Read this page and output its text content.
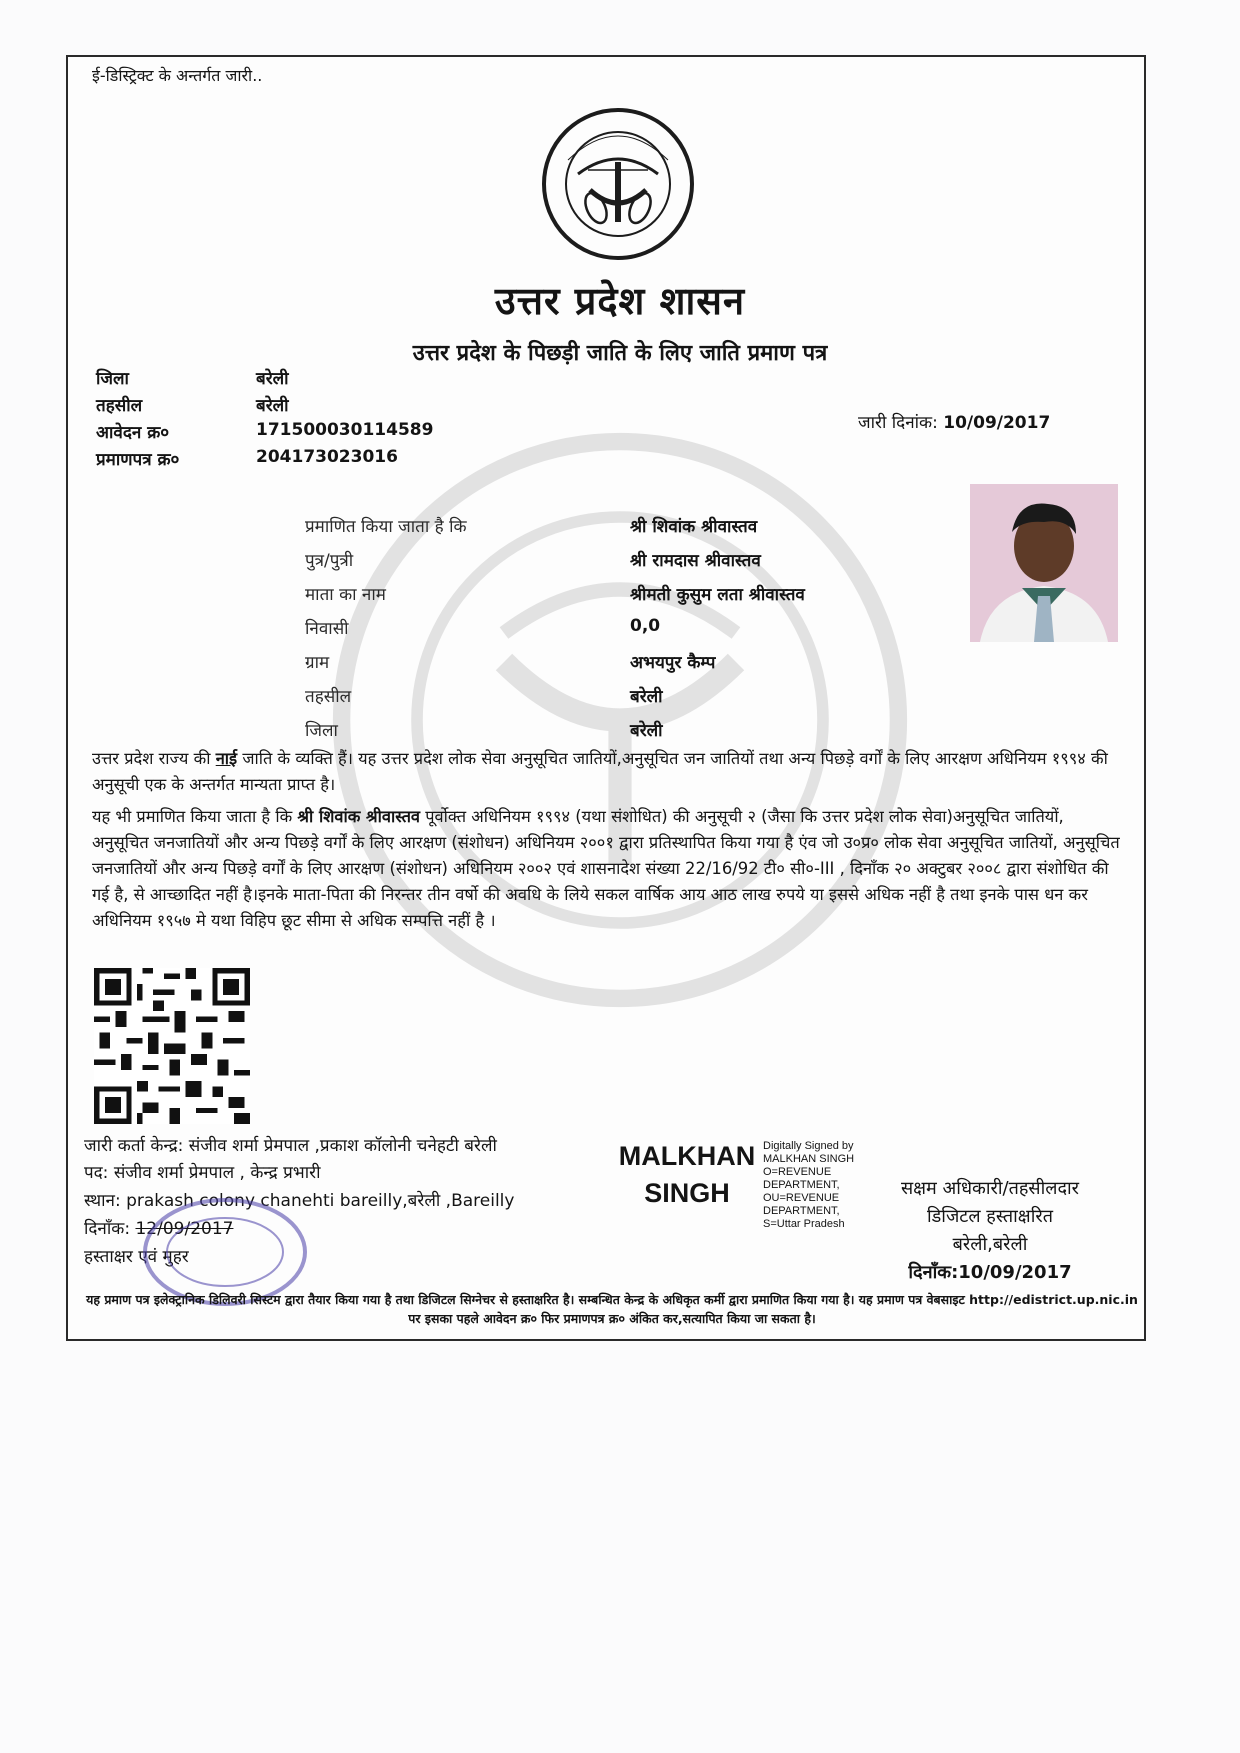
ई-डिस्ट्रिक्ट के अन्तर्गत जारी..
उत्तर प्रदेश शासन
उत्तर प्रदेश के पिछड़ी जाति के लिए जाति प्रमाण पत्र
जिला	बरेली
तहसील	बरेली
आवेदन क्र०	171500030114589
प्रमाणपत्र क्र०	204173023016
जारी दिनांक: 10/09/2017
प्रमाणित किया जाता है कि	श्री शिवांक श्रीवास्तव
पुत्र/पुत्री	श्री रामदास श्रीवास्तव
माता का नाम	श्रीमती कुसुम लता श्रीवास्तव
निवासी	0,0
ग्राम	अभयपुर कैम्प
तहसील	बरेली
जिला	बरेली
उत्तर प्रदेश राज्य की नाई जाति के व्यक्ति हैं। यह उत्तर प्रदेश लोक सेवा अनुसूचित जातियों,अनुसूचित जन जातियों तथा अन्य पिछड़े वर्गों के लिए आरक्षण अधिनियम १९९४ की अनुसूची एक के अन्तर्गत मान्यता प्राप्त है।
यह भी प्रमाणित किया जाता है कि श्री शिवांक श्रीवास्तव पूर्वोक्त अधिनियम १९९४ (यथा संशोधित) की अनुसूची २ (जैसा कि उत्तर प्रदेश लोक सेवा)अनुसूचित जातियों, अनुसूचित जनजातियों और अन्य पिछड़े वर्गों के लिए आरक्षण (संशोधन) अधिनियम २००१ द्वारा प्रतिस्थापित किया गया है एंव जो उ०प्र० लोक सेवा अनुसूचित जातियों, अनुसूचित जनजातियों और अन्य पिछड़े वर्गों के लिए आरक्षण (संशोधन) अधिनियम २००२ एवं शासनादेश संख्या 22/16/92 टी० सी०-III , दिनाँक २० अक्टुबर २००८ द्वारा संशोधित की गई है, से आच्छादित नहीं है।इनके माता-पिता की निरन्तर तीन वर्षो की अवधि के लिये सकल वार्षिक आय आठ लाख रुपये या इससे अधिक नहीं है तथा इनके पास धन कर अधिनियम १९५७ मे यथा विहिप छूट सीमा से अधिक सम्पत्ति नहीं है ।
जारी कर्ता केन्द्र: संजीव शर्मा प्रेमपाल ,प्रकाश कॉलोनी चनेहटी बरेली
पद: संजीव शर्मा प्रेमपाल , केन्द्र प्रभारी
स्थान: prakash colony chanehti bareilly,बरेली ,Bareilly
दिनाँक: 12/09/2017
हस्ताक्षर एवं मुहर
MALKHAN
SINGH
Digitally Signed by MALKHAN SINGH O=REVENUE DEPARTMENT, OU=REVENUE DEPARTMENT, S=Uttar Pradesh
सक्षम अधिकारी/तहसीलदार
डिजिटल हस्ताक्षरित
बरेली,बरेली
दिनाँक:10/09/2017
यह प्रमाण पत्र इलेक्ट्रानिक डिलिवरी सिस्टम द्वारा तैयार किया गया है तथा डिजिटल सिग्नेचर से हस्ताक्षरित है। सम्बन्धित केन्द्र के अधिकृत कर्मी द्वारा प्रमाणित किया गया है। यह प्रमाण पत्र वेबसाइट http://edistrict.up.nic.in पर इसका पहले आवेदन क्र० फिर प्रमाणपत्र क्र० अंकित कर,सत्यापित किया जा सकता है।
